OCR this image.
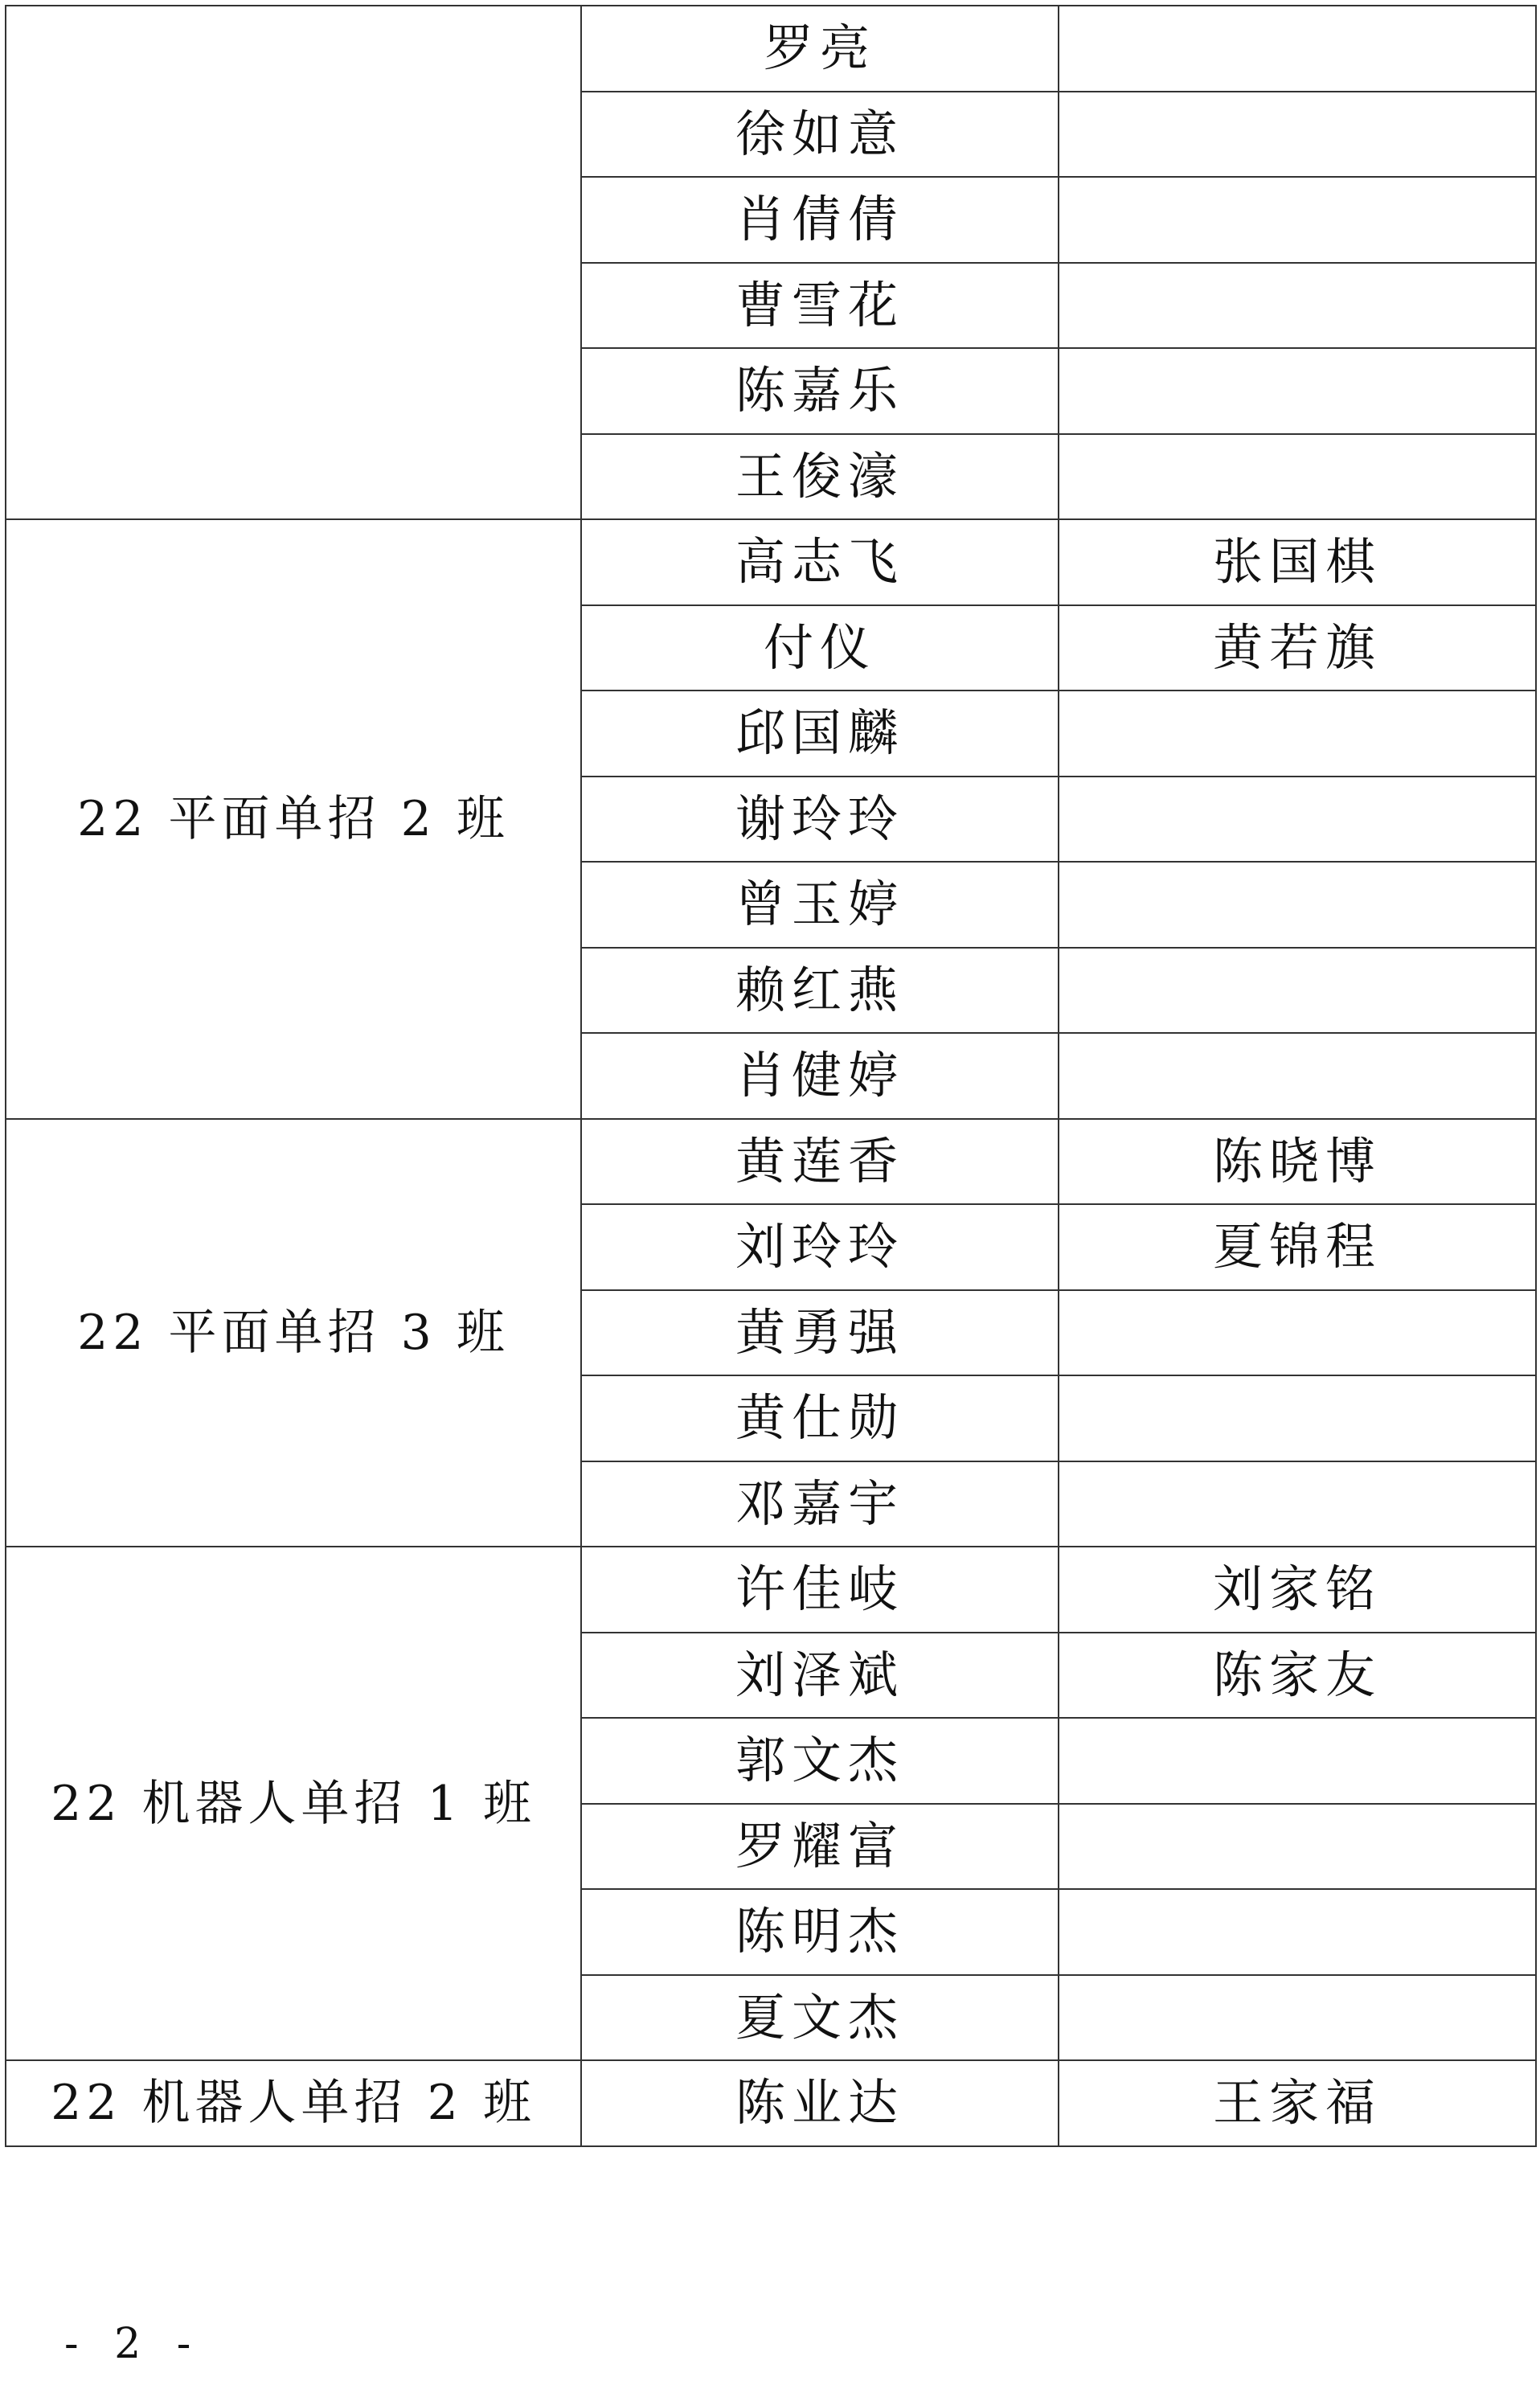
	罗亮	
	徐如意	
	肖倩倩	
	曹雪花	
	陈嘉乐	
	王俊濠	
22 平面单招 2 班	高志飞	张国棋
	付仪	黄若旗
	邱国麟	
	谢玲玲	
	曾玉婷	
	赖红燕	
	肖健婷	
22 平面单招 3 班	黄莲香	陈晓博
	刘玲玲	夏锦程
	黄勇强	
	黄仕勋	
	邓嘉宇	
22 机器人单招 1 班	许佳岐	刘家铭
	刘泽斌	陈家友
	郭文杰	
	罗耀富	
	陈明杰	
	夏文杰	
22 机器人单招 2 班	陈业达	王家福
- 2 -
